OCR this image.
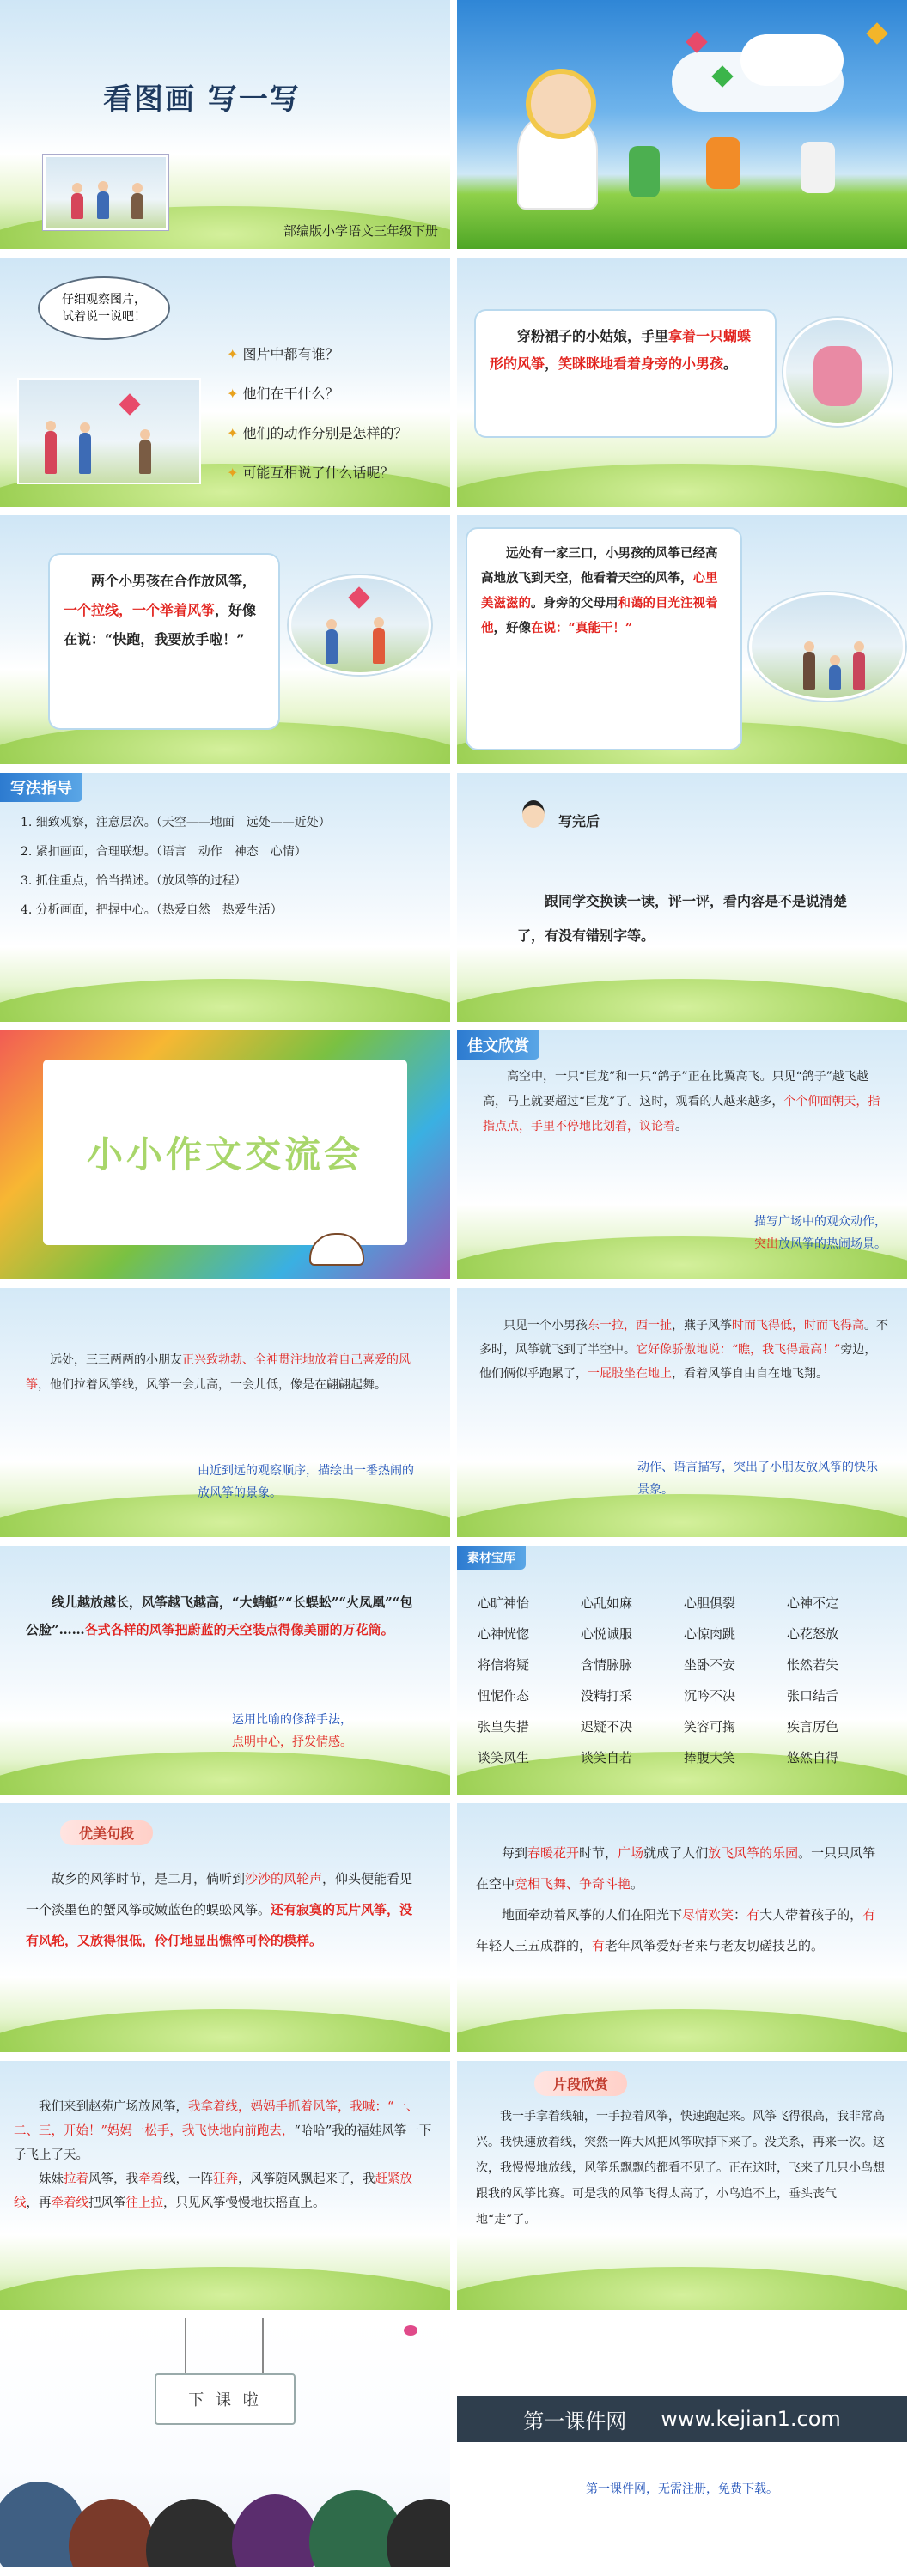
看图画 写一写
部编版小学语文三年级下册
仔细观察图片，
试着说一说吧！
✦ 图片中都有谁？
✦ 他们在干什么？
✦ 他们的动作分别是怎样的？
✦ 可能互相说了什么话呢？
　　穿粉裙子的小姑娘，手里拿着一只蝴蝶形的风筝，笑眯眯地看着身旁的小男孩。
　　两个小男孩在合作放风筝，一个拉线，一个举着风筝，好像在说：“快跑，我要放手啦！”
　　远处有一家三口，小男孩的风筝已经高高地放飞到天空，他看着天空的风筝，心里美滋滋的。身旁的父母用和蔼的目光注视着他，好像在说：“真能干！”
写法指导
1. 细致观察，注意层次。（天空——地面　远处——近处）
2. 紧扣画面，合理联想。（语言　动作　神态　心情）
3. 抓住重点，恰当描述。（放风筝的过程）
4. 分析画面，把握中心。（热爱自然　热爱生活）
写完后
　　跟同学交换读一读，评一评，看内容是不是说清楚了，有没有错别字等。
小小作文交流会
佳文欣赏
　　高空中，一只“巨龙”和一只“鸽子”正在比翼高飞。只见“鸽子”越飞越高，马上就要超过“巨龙”了。这时，观看的人越来越多，个个仰面朝天，指指点点，手里不停地比划着，议论着。
描写广场中的观众动作，
突出放风筝的热闹场景。
　　远处，三三两两的小朋友正兴致勃勃、全神贯注地放着自己喜爱的风筝，他们拉着风筝线，风筝一会儿高，一会儿低，像是在翩翩起舞。
由近到远的观察顺序，描绘出一番热闹的放风筝的景象。
　　只见一个小男孩东一拉，西一扯，燕子风筝时而飞得低，时而飞得高。不多时，风筝就飞到了半空中。它好像骄傲地说：“瞧，我飞得最高！”旁边，他们俩似乎跑累了，一屁股坐在地上，看着风筝自由自在地飞翔。
动作、语言描写，突出了小朋友放风筝的快乐景象。
　　线儿越放越长，风筝越飞越高，“大蜻蜓”“长蜈蚣”“火凤凰”“包公脸”……各式各样的风筝把蔚蓝的天空装点得像美丽的万花筒。
运用比喻的修辞手法，
点明中心，抒发情感。
素材宝库
心旷神怡	心乱如麻	心胆俱裂	心神不定
心神恍惚	心悦诚服	心惊肉跳	心花怒放
将信将疑	含情脉脉	坐卧不安	怅然若失
忸怩作态	没精打采	沉吟不决	张口结舌
张皇失措	迟疑不决	笑容可掬	疾言厉色
谈笑风生	谈笑自若	捧腹大笑	悠然自得
优美句段
　　故乡的风筝时节，是二月，倘听到沙沙的风轮声，仰头便能看见一个淡墨色的蟹风筝或嫩蓝色的蜈蚣风筝。还有寂寞的瓦片风筝，没有风轮，又放得很低，伶仃地显出憔悴可怜的模样。
　　每到春暖花开时节，广场就成了人们放飞风筝的乐园。一只只风筝在空中竞相飞舞、争奇斗艳。
　　地面牵动着风筝的人们在阳光下尽情欢笑：有大人带着孩子的，有年轻人三五成群的，有老年风筝爱好者来与老友切磋技艺的。
　　我们来到赵苑广场放风筝，我拿着线，妈妈手抓着风筝，我喊：“一、二、三，开始！”妈妈一松手，我飞快地向前跑去，“哈哈”我的福娃风筝一下子飞上了天。
　　妹妹拉着风筝，我牵着线，一阵狂奔，风筝随风飘起来了，我赶紧放线，再牵着线把风筝往上拉，只见风筝慢慢地扶摇直上。
片段欣赏
　　我一手拿着线轴，一手拉着风筝，快速跑起来。风筝飞得很高，我非常高兴。我快速放着线，突然一阵大风把风筝吹掉下来了。没关系，再来一次。这次，我慢慢地放线，风筝乐飘飘的都看不见了。正在这时，飞来了几只小鸟想跟我的风筝比赛。可是我的风筝飞得太高了，小鸟追不上，垂头丧气地“走”了。
下 课 啦
第一课件网 www.kejian1.com
第一课件网，无需注册，免费下载。
